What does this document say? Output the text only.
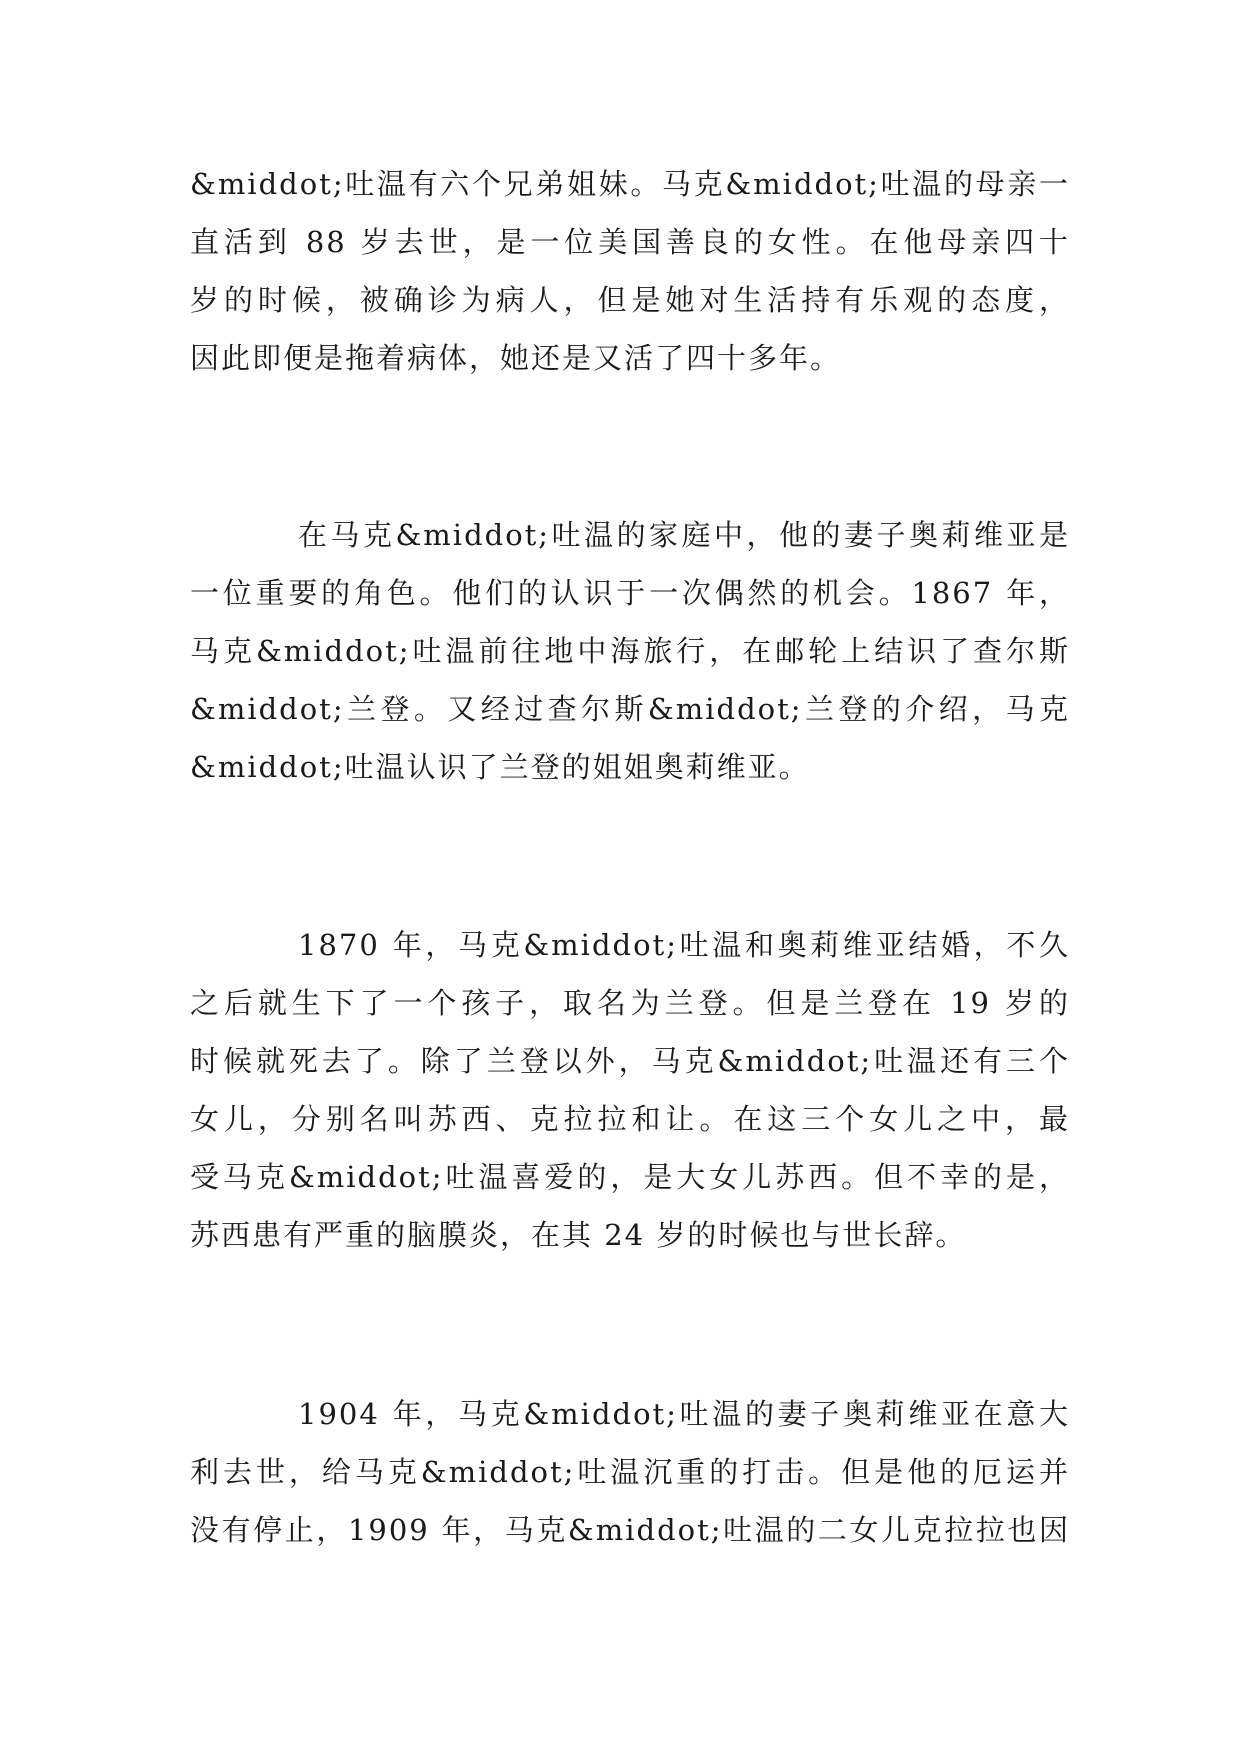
&middot;吐温有六个兄弟姐妹。马克&middot;吐温的母亲一
直活到 88 岁去世，是一位美国善良的女性。在他母亲四十
岁的时候，被确诊为病人，但是她对生活持有乐观的态度，
因此即便是拖着病体，她还是又活了四十多年。
在马克&middot;吐温的家庭中，他的妻子奥莉维亚是
一位重要的角色。他们的认识于一次偶然的机会。1867 年，
马克&middot;吐温前往地中海旅行，在邮轮上结识了查尔斯
&middot;兰登。又经过查尔斯&middot;兰登的介绍，马克
&middot;吐温认识了兰登的姐姐奥莉维亚。
1870 年，马克&middot;吐温和奥莉维亚结婚，不久
之后就生下了一个孩子，取名为兰登。但是兰登在 19 岁的
时候就死去了。除了兰登以外，马克&middot;吐温还有三个
女儿，分别名叫苏西、克拉拉和让。在这三个女儿之中，最
受马克&middot;吐温喜爱的，是大女儿苏西。但不幸的是，
苏西患有严重的脑膜炎，在其 24 岁的时候也与世长辞。
1904 年，马克&middot;吐温的妻子奥莉维亚在意大
利去世，给马克&middot;吐温沉重的打击。但是他的厄运并
没有停止，1909 年，马克&middot;吐温的二女儿克拉拉也因
